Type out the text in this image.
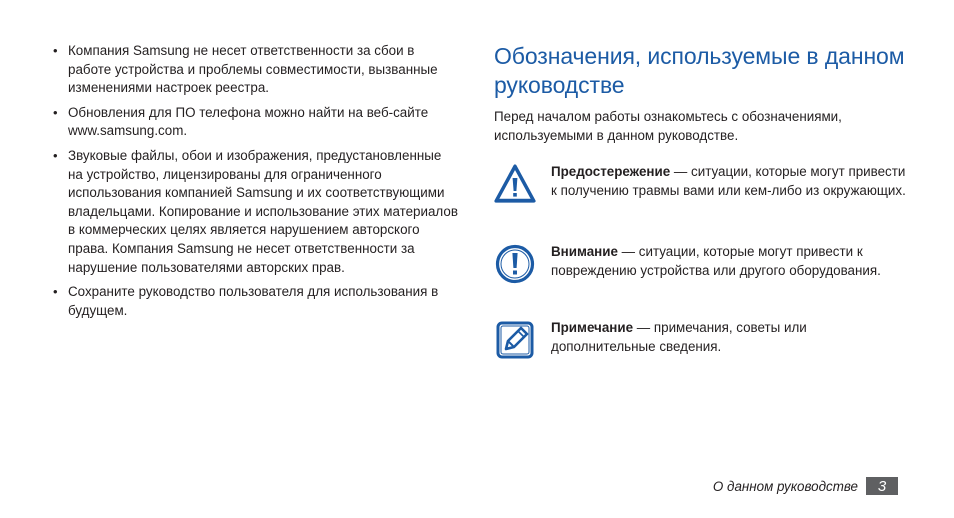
• Компания Samsung не несет ответственности за сбои в работе устройства и проблемы совместимости, вызванные изменениями настроек реестра.
• Обновления для ПО телефона можно найти на веб-сайте www.samsung.com.
• Звуковые файлы, обои и изображения, предустановленные на устройство, лицензированы для ограниченного использования компанией Samsung и их соответствующими владельцами. Копирование и использование этих материалов в коммерческих целях является нарушением авторского права. Компания Samsung не несет ответственности за нарушение пользователями авторских прав.
• Сохраните руководство пользователя для использования в будущем.
Обозначения, используемые в данном руководстве

Перед началом работы ознакомьтесь с обозначениями, используемыми в данном руководстве.

Предостережение — ситуации, которые могут привести к получению травмы вами или кем-либо из окружающих.
Внимание — ситуации, которые могут привести к повреждению устройства или другого оборудования.
Примечание — примечания, советы или дополнительные сведения.
О данном руководстве	3
